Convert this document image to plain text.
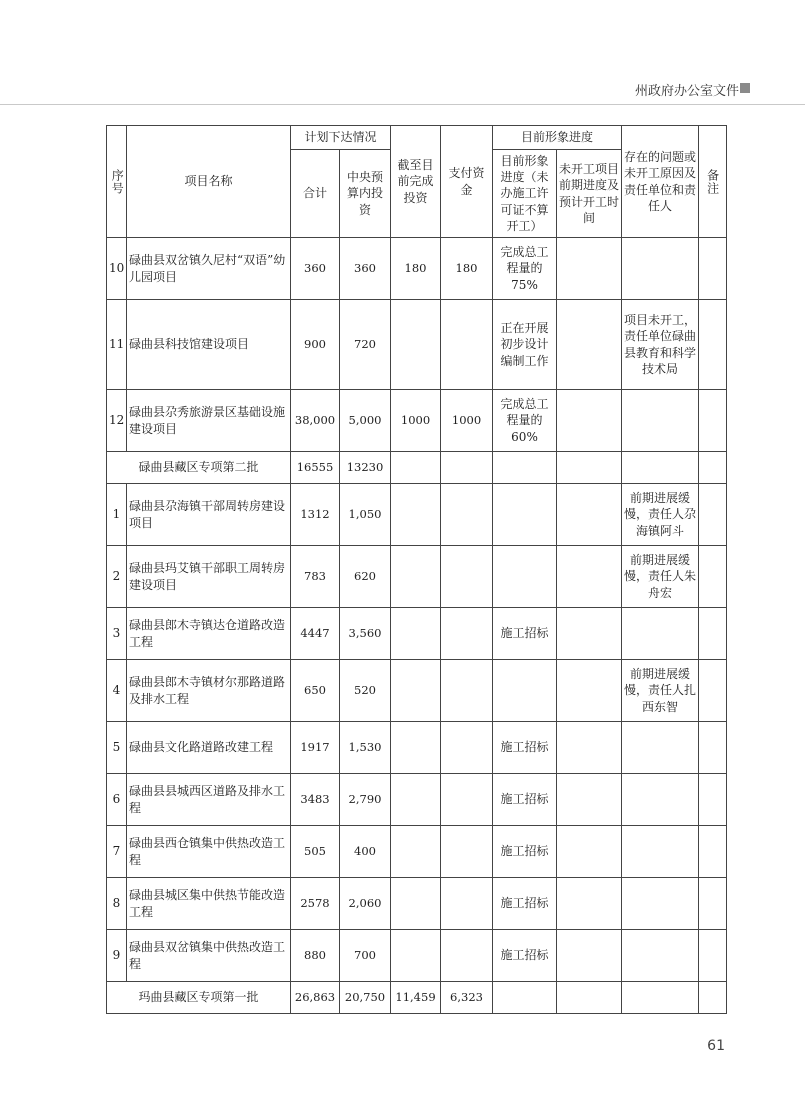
州政府办公室文件
序号	项目名称	计划下达情况		截至目前完成投资	支付资金	目前形象进度		存在的问题或未开工原因及责任单位和责任人	备注

		合计	中央预算内投资			目前形象进度（未办施工许可证不算开工）	未开工项目前期进度及预计开工时间		
10	碌曲县双岔镇久尼村“双语”幼儿园项目	360	360	180	180	完成总工程量的75%			
11	碌曲县科技馆建设项目	900	720			正在开展初步设计编制工作		项目未开工，责任单位碌曲县教育和科学技术局	
12	碌曲县尕秀旅游景区基础设施建设项目	38,000	5,000	1000	1000	完成总工程量的60%			
碌曲县藏区专项第二批		16555	13230						
1	碌曲县尕海镇干部周转房建设项目	1312	1,050					前期进展缓慢，责任人尕海镇阿斗	
2	碌曲县玛艾镇干部职工周转房建设项目	783	620					前期进展缓慢，责任人朱舟宏	
3	碌曲县郎木寺镇达仓道路改造工程	4447	3,560			施工招标			
4	碌曲县郎木寺镇材尔那路道路及排水工程	650	520					前期进展缓慢，责任人扎西东智	
5	碌曲县文化路道路改建工程	1917	1,530			施工招标			
6	碌曲县县城西区道路及排水工程	3483	2,790			施工招标			
7	碌曲县西仓镇集中供热改造工程	505	400			施工招标			
8	碌曲县城区集中供热节能改造工程	2578	2,060			施工招标			
9	碌曲县双岔镇集中供热改造工程	880	700			施工招标			
玛曲县藏区专项第一批		26,863	20,750	11,459	6,323				
61
